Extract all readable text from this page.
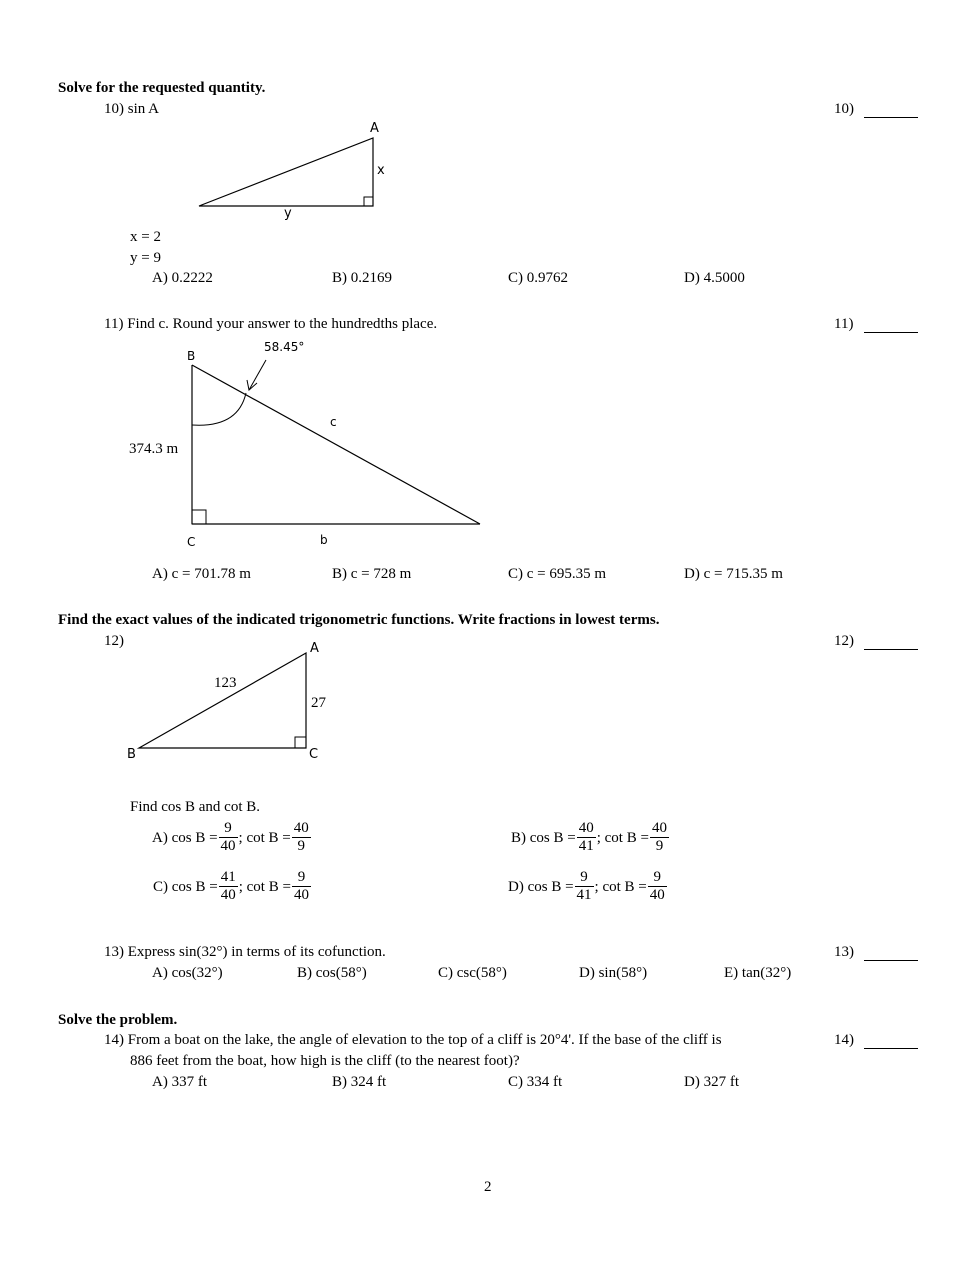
Solve for the requested quantity.
10) sin A	10)
A
x
y
x = 2
y = 9
A) 0.2222	B) 0.2169	C) 0.9762	D) 4.5000
11) Find c. Round your answer to the hundredths place.	11)
58.45°
B
C
c
b
374.3 m
A) c = 701.78 m	B) c = 728 m	C) c = 695.35 m	D) c = 715.35 m
Find the exact values of the indicated trigonometric functions. Write fractions in lowest terms.
12)	12)
A
B	C
123
27
Find cos B and cot B.
A) $\cos B = \frac{9}{40}$ ; $\cot B = \frac{40}{9}$	B) $\cos B = \frac{40}{41}$ ; $\cot B = \frac{40}{9}$
C) $\cos B = \frac{41}{40}$ ; $\cot B = \frac{9}{40}$	D) $\cos B = \frac{9}{41}$ ; $\cot B = \frac{9}{40}$
13) Express sin(32°) in terms of its cofunction.	13)
A) cos(32°)	B) cos(58°)	C) csc(58°)	D) sin(58°)	E) tan(32°)
Solve the problem.
14) From a boat on the lake, the angle of elevation to the top of a cliff is 20°4'. If the base of the cliff is
886 feet from the boat, how high is the cliff (to the nearest foot)?
14)
A) 337 ft	B) 324 ft	C) 334 ft	D) 327 ft
2
